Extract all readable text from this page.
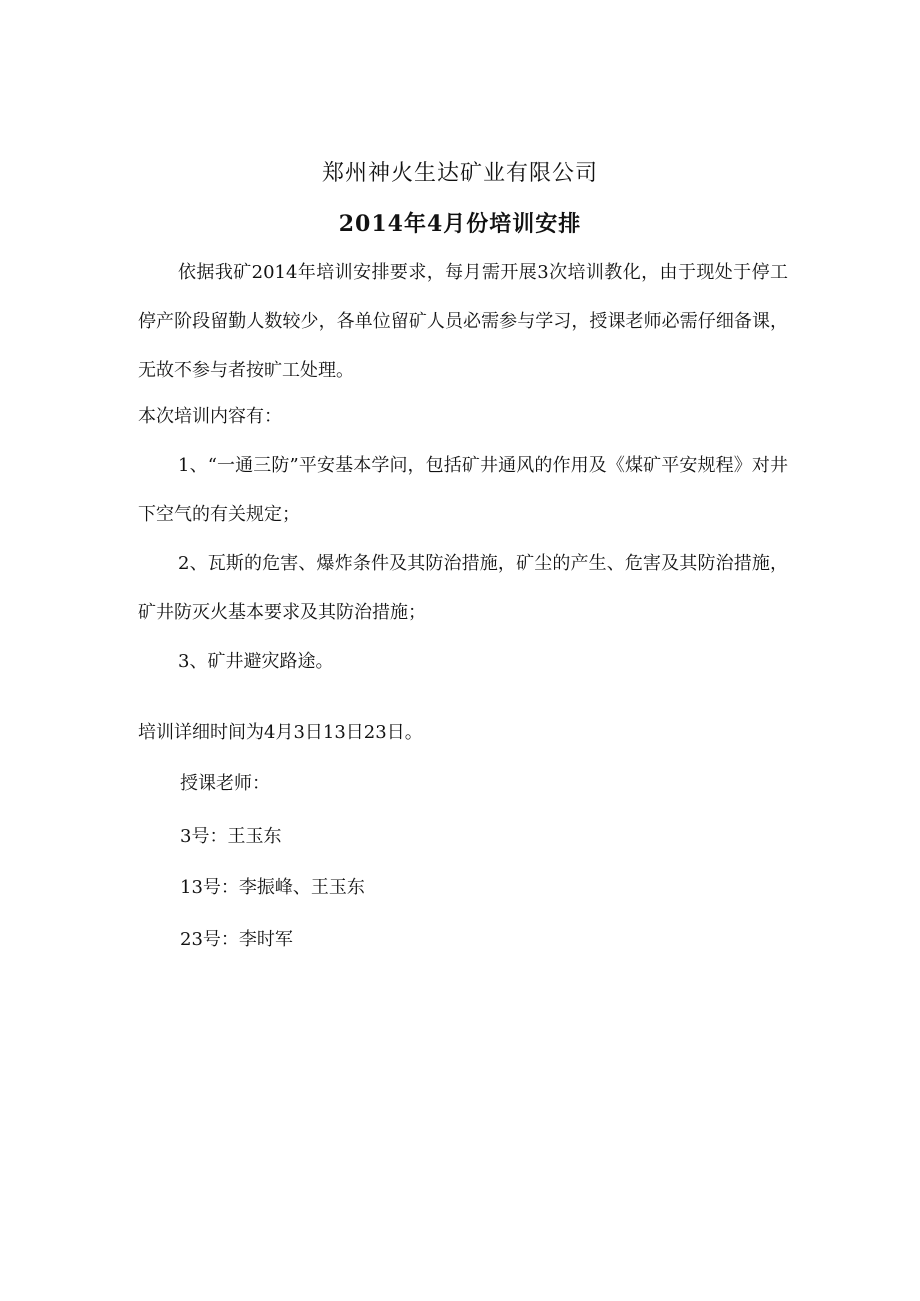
郑州神火生达矿业有限公司
2014年4月份培训安排
依据我矿2014年培训安排要求，每月需开展3次培训教化，由于现处于停工停产阶段留勤人数较少，各单位留矿人员必需参与学习，授课老师必需仔细备课，无故不参与者按旷工处理。
本次培训内容有：
1、“一通三防”平安基本学问，包括矿井通风的作用及《煤矿平安规程》对井下空气的有关规定；
2、瓦斯的危害、爆炸条件及其防治措施，矿尘的产生、危害及其防治措施，矿井防灭火基本要求及其防治措施；
3、矿井避灾路途。
培训详细时间为4月3日13日23日。
授课老师：
3号：王玉东
13号：李振峰、王玉东
23号：李时军
